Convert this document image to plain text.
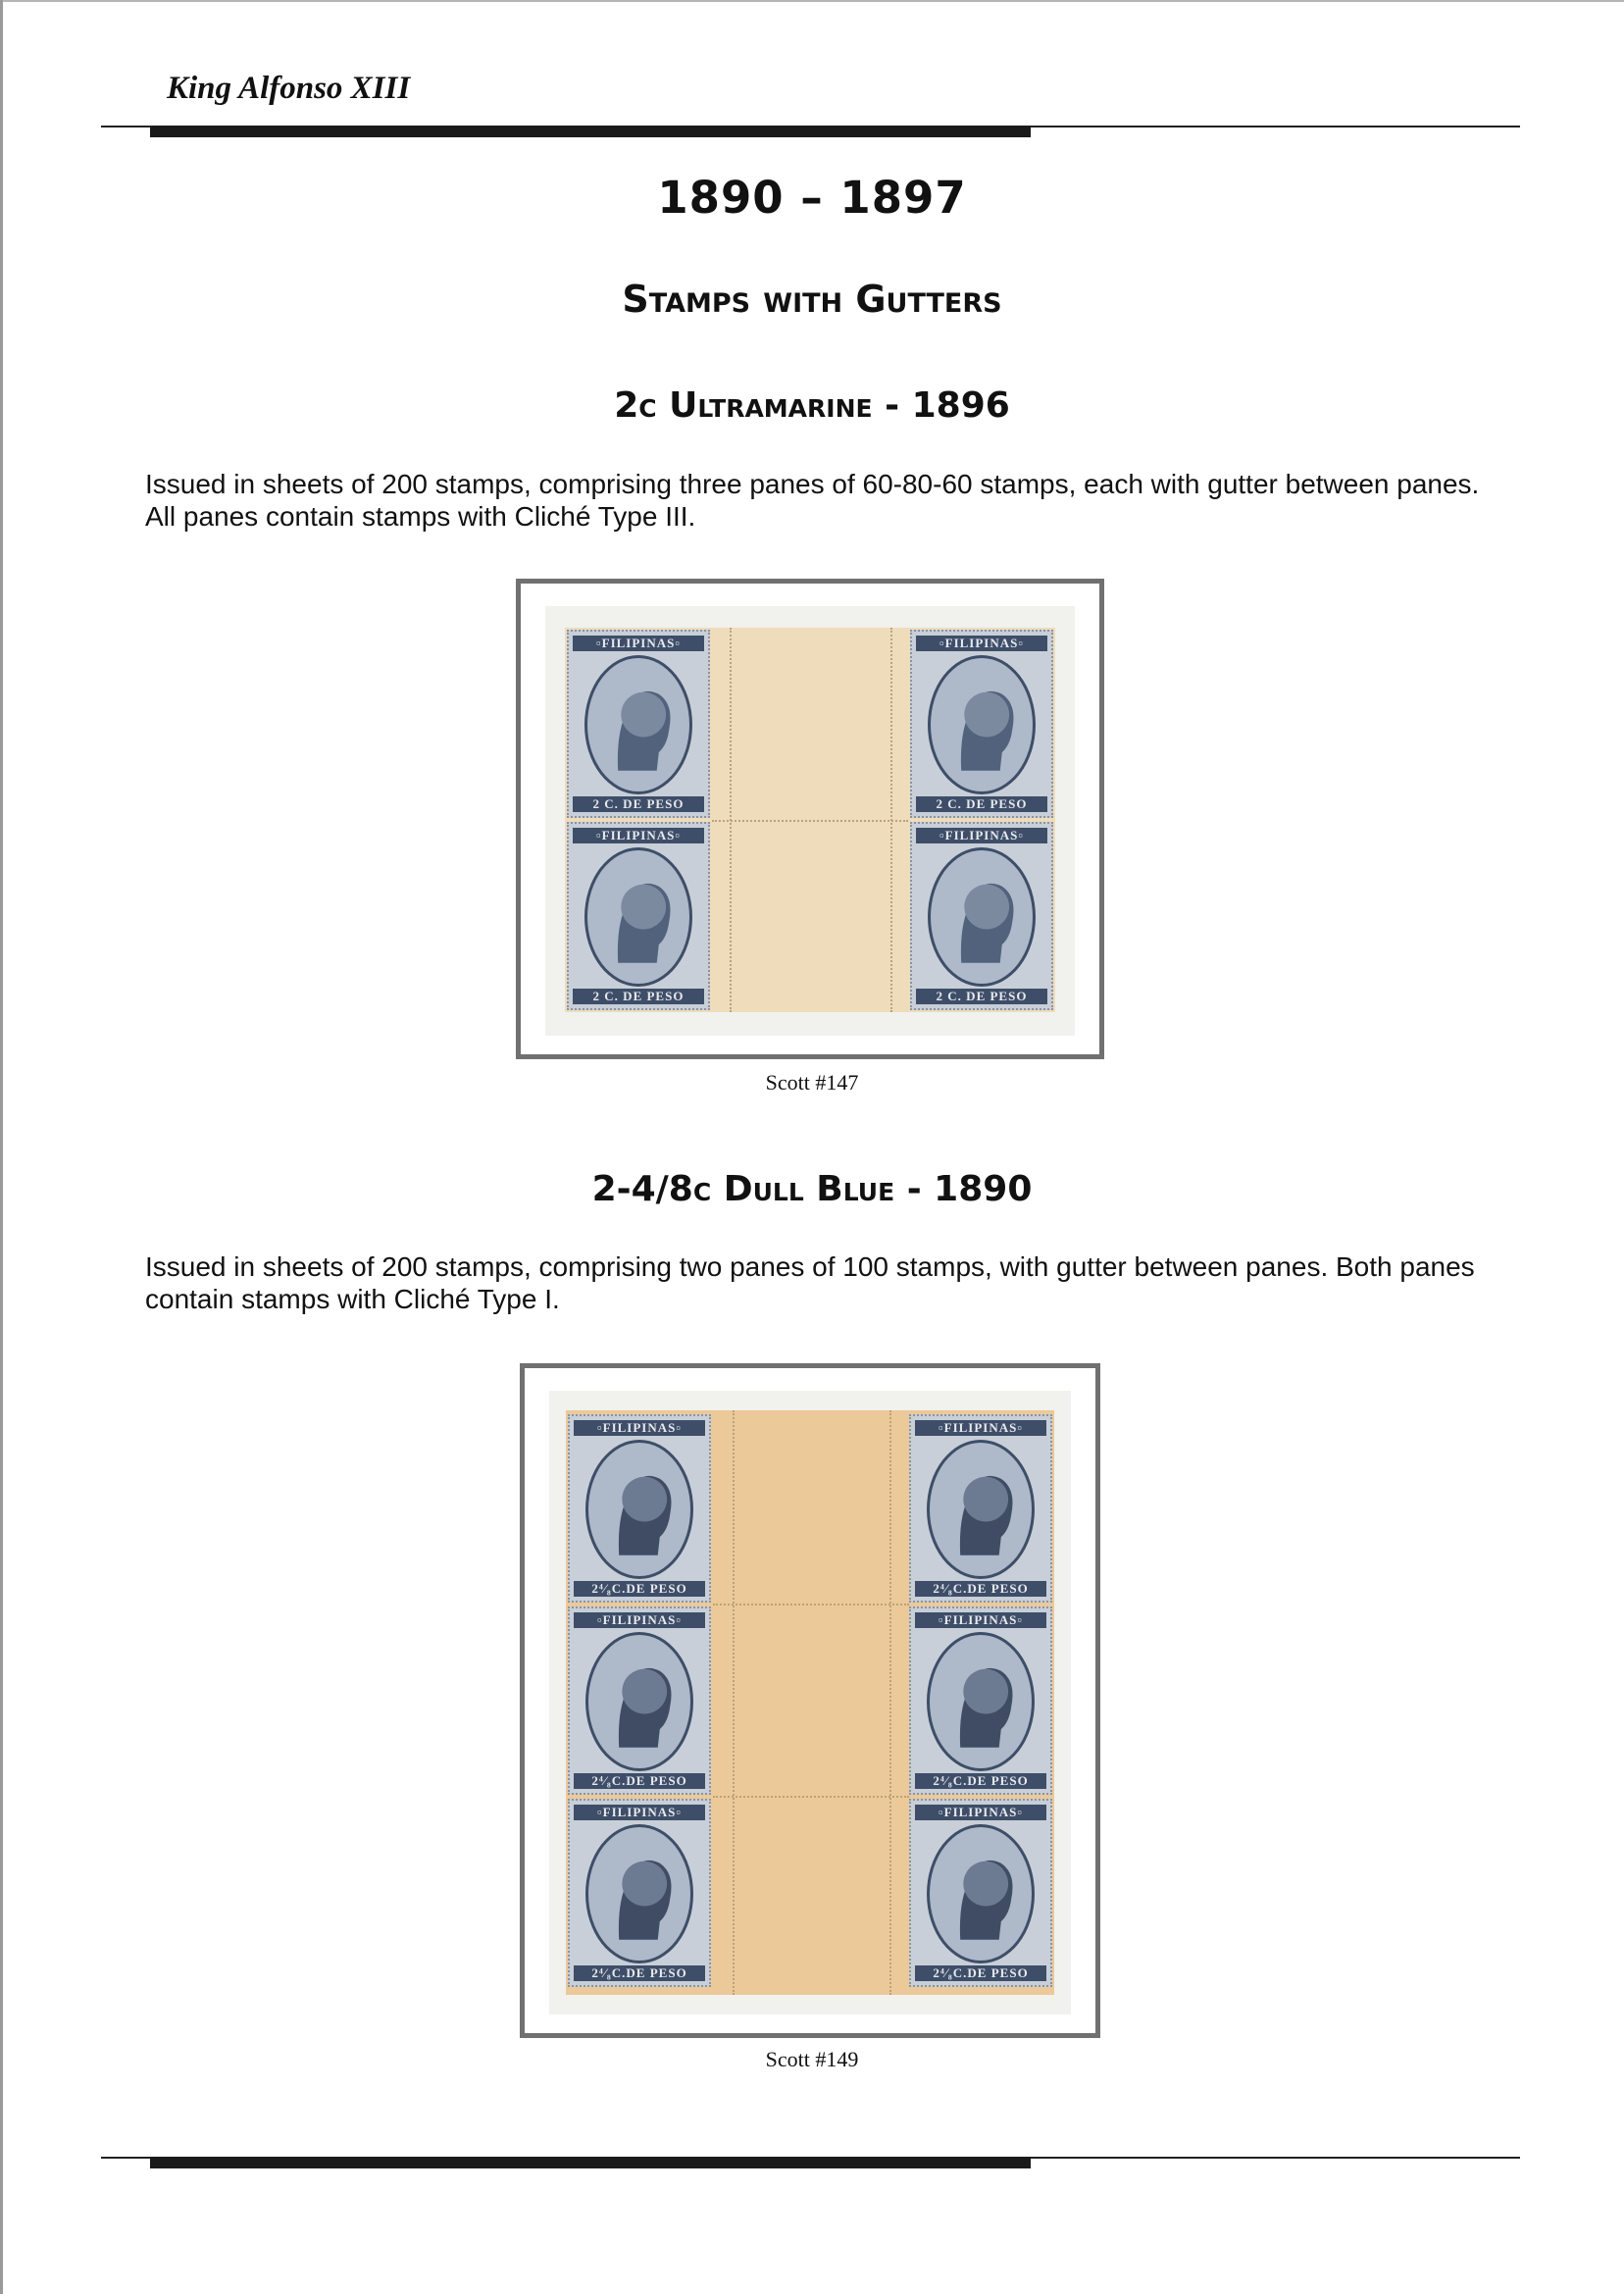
King Alfonso XIII
1890 – 1897
Stamps with Gutters
2c Ultramarine - 1896
Issued in sheets of 200 stamps, comprising three panes of 60-80-60 stamps, each with gutter between panes.
All panes contain stamps with Cliché Type III.
▫FILIPINAS▫
2 C. DE PESO
▫FILIPINAS▫
2 C. DE PESO
▫FILIPINAS▫
2 C. DE PESO
▫FILIPINAS▫
2 C. DE PESO
Scott #147
2-4/8c Dull Blue - 1890
Issued in sheets of 200 stamps, comprising two panes of 100 stamps, with gutter between panes. Both panes
contain stamps with Cliché Type I.
▫FILIPINAS▫
2⁴⁄₈C.DE PESO
▫FILIPINAS▫
2⁴⁄₈C.DE PESO
▫FILIPINAS▫
2⁴⁄₈C.DE PESO
▫FILIPINAS▫
2⁴⁄₈C.DE PESO
▫FILIPINAS▫
2⁴⁄₈C.DE PESO
▫FILIPINAS▫
2⁴⁄₈C.DE PESO
Scott #149
